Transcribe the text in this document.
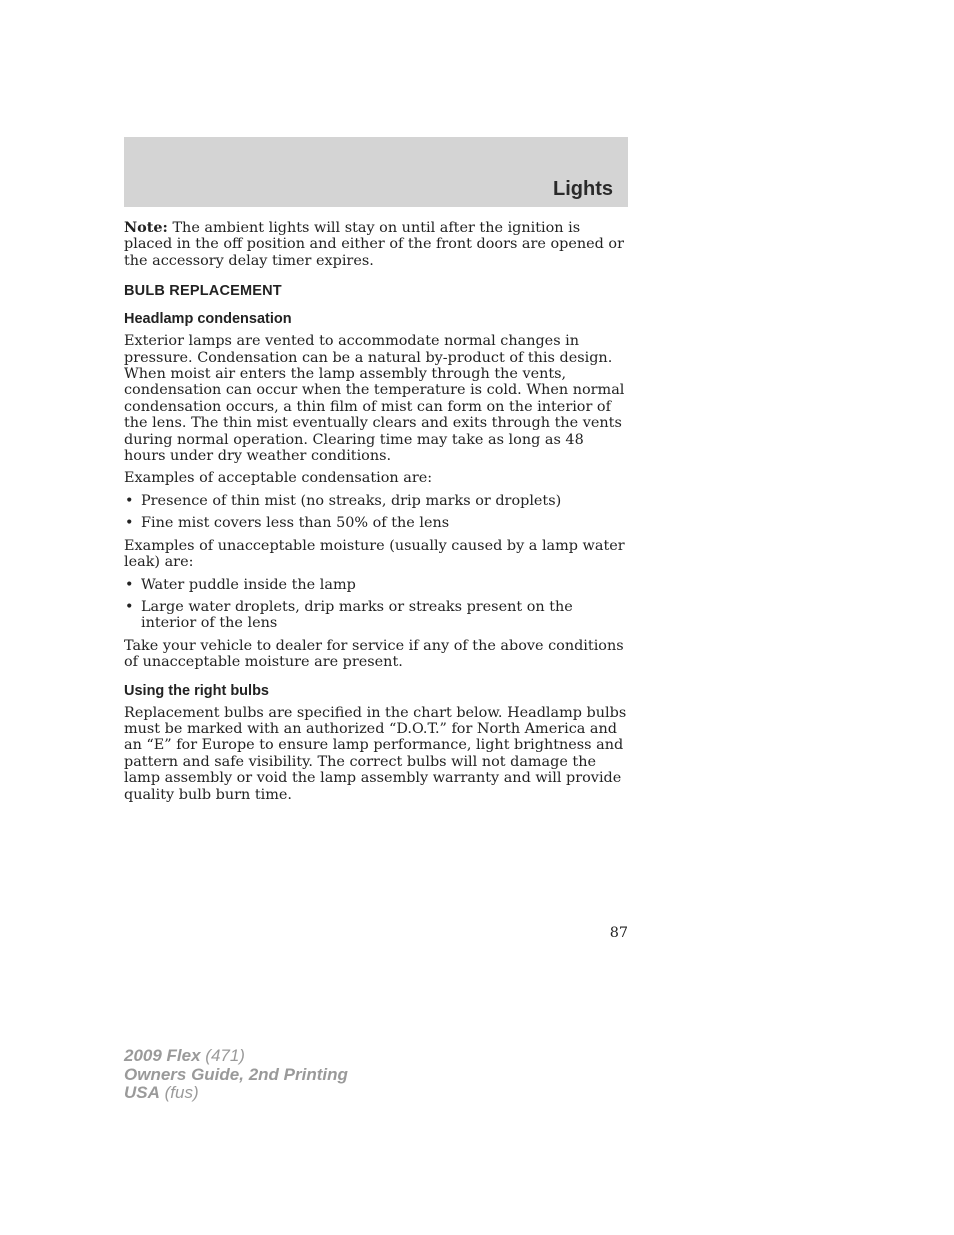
Lights

Note: The ambient lights will stay on until after the ignition is placed in the off position and either of the front doors are opened or the accessory delay timer expires.

BULB REPLACEMENT
Headlamp condensation

Exterior lamps are vented to accommodate normal changes in pressure. Condensation can be a natural by-product of this design. When moist air enters the lamp assembly through the vents, condensation can occur when the temperature is cold. When normal condensation occurs, a thin film of mist can form on the interior of the lens. The thin mist eventually clears and exits through the vents during normal operation. Clearing time may take as long as 48 hours under dry weather conditions.

Examples of acceptable condensation are:

• Presence of thin mist (no streaks, drip marks or droplets)
• Fine mist covers less than 50% of the lens

Examples of unacceptable moisture (usually caused by a lamp water leak) are:

• Water puddle inside the lamp
• Large water droplets, drip marks or streaks present on the interior of the lens

Take your vehicle to dealer for service if any of the above conditions of unacceptable moisture are present.

Using the right bulbs

Replacement bulbs are specified in the chart below. Headlamp bulbs must be marked with an authorized “D.O.T.” for North America and an “E” for Europe to ensure lamp performance, light brightness and pattern and safe visibility. The correct bulbs will not damage the lamp assembly or void the lamp assembly warranty and will provide quality bulb burn time.

87
2009 Flex (471)
Owners Guide, 2nd Printing
USA (fus)
